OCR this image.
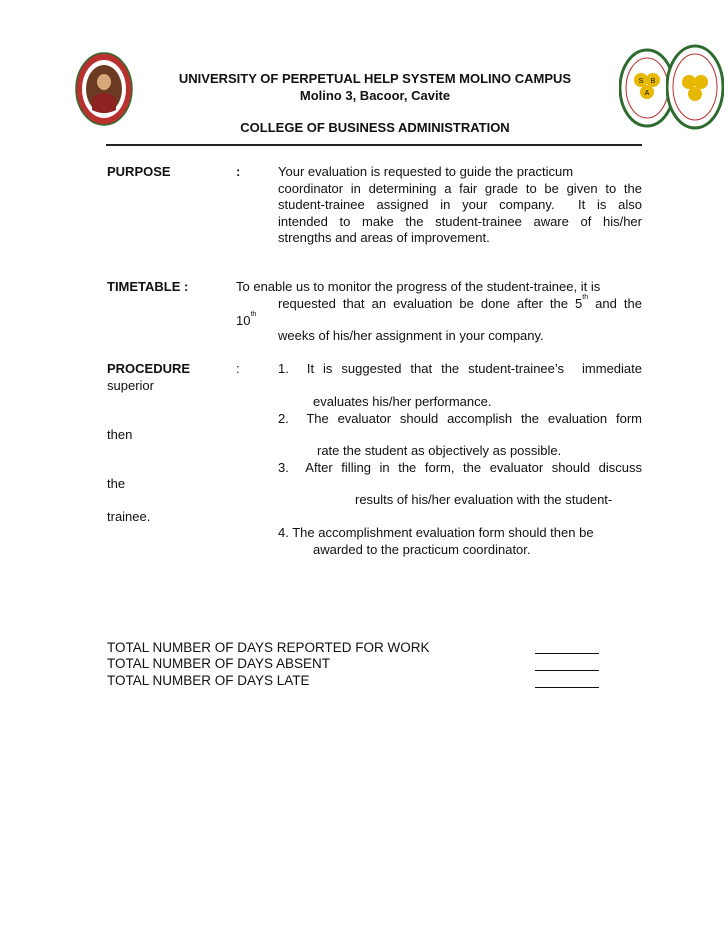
S B
A
UNIVERSITY OF PERPETUAL HELP SYSTEM MOLINO CAMPUS
Molino 3, Bacoor, Cavite
COLLEGE OF BUSINESS ADMINISTRATION
PURPOSE	:	Your evaluation is requested to guide the practicum
coordinator in determining a fair grade to be given to the
student-trainee assigned in your company.  It is also
intended to make the student-trainee aware of his/her
strengths and areas of improvement.
TIMETABLE :	To enable us to monitor the progress of the student-trainee, it is
requested that an evaluation be done after the 5th and the
10th
weeks of his/her assignment in your company.
PROCEDURE	:	1.  It is suggested that the student-trainee’s  immediate
superior
evaluates his/her performance.
2.  The evaluator should accomplish the evaluation form
then
rate the student as objectively as possible.
3.  After filling in the form, the evaluator should discuss
the
results of his/her evaluation with the student-
trainee.
4. The accomplishment evaluation form should then be
awarded to the practicum coordinator.
TOTAL NUMBER OF DAYS REPORTED FOR WORK
TOTAL NUMBER OF DAYS ABSENT
TOTAL NUMBER OF DAYS LATE
